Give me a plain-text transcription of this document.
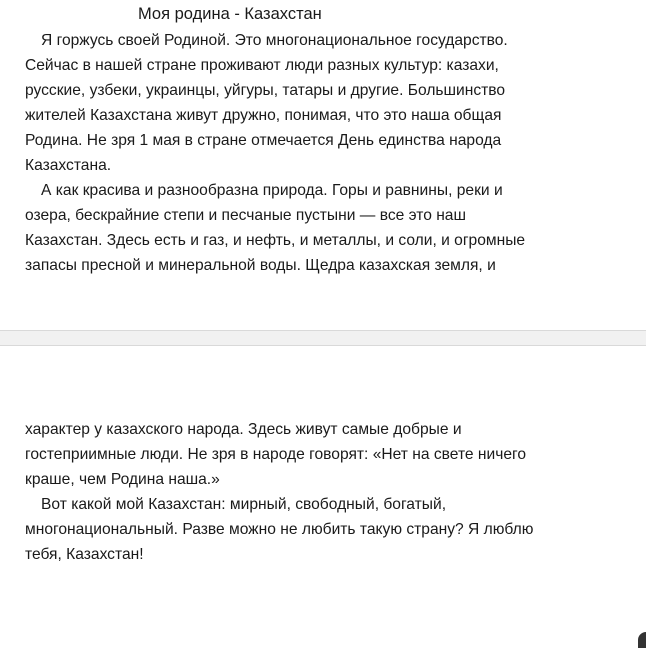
Моя родина - Казахстан
Я горжусь своей Родиной. Это многонациональное государство.
Сейчас в нашей стране проживают люди разных культур: казахи,
русские, узбеки, украинцы, уйгуры, татары и другие. Большинство
жителей Казахстана живут дружно, понимая, что это наша общая
Родина. Не зря 1 мая в стране отмечается День единства народа
Казахстана.
А как красива и разнообразна природа. Горы и равнины, реки и
озера, бескрайние степи и песчаные пустыни — все это наш
Казахстан. Здесь есть и газ, и нефть, и металлы, и соли, и огромные
запасы пресной и минеральной воды. Щедра казахская земля, и
характер у казахского народа. Здесь живут самые добрые и
гостеприимные люди. Не зря в народе говорят: «Нет на свете ничего
краше, чем Родина наша.»
Вот какой мой Казахстан: мирный, свободный, богатый,
многонациональный. Разве можно не любить такую страну? Я люблю
тебя, Казахстан!
